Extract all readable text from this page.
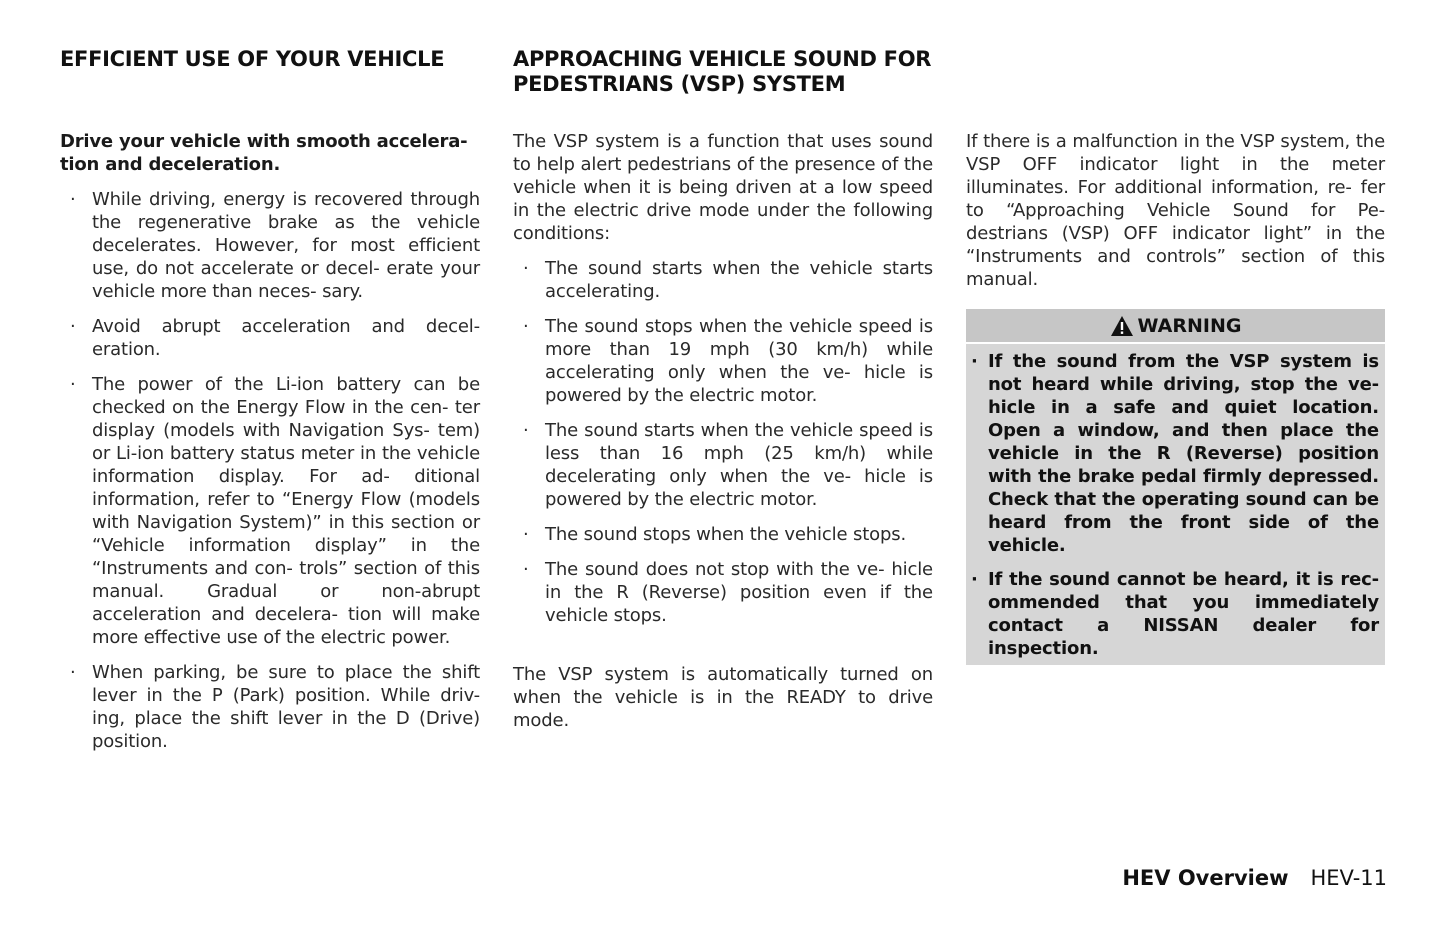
EFFICIENT USE OF YOUR VEHICLE
Drive your vehicle with smooth accelera- tion and deceleration.
· While driving, energy is recovered through the regenerative brake as the vehicle decelerates. However, for most efficient use, do not accelerate or decel- erate your vehicle more than neces- sary.
· Avoid abrupt acceleration and decel- eration.
· The power of the Li-ion battery can be checked on the Energy Flow in the cen- ter display (models with Navigation Sys- tem) or Li-ion battery status meter in the vehicle information display. For ad- ditional information, refer to “Energy Flow (models with Navigation System)” in this section or “Vehicle information display” in the “Instruments and con- trols” section of this manual. Gradual or non-abrupt acceleration and decelera- tion will make more effective use of the electric power.
· When parking, be sure to place the shift lever in the P (Park) position. While driv- ing, place the shift lever in the D (Drive) position.
APPROACHING VEHICLE SOUND FOR PEDESTRIANS (VSP) SYSTEM
The VSP system is a function that uses sound to help alert pedestrians of the presence of the vehicle when it is being driven at a low speed in the electric drive mode under the following conditions:
· The sound starts when the vehicle starts accelerating.
· The sound stops when the vehicle speed is more than 19 mph (30 km/h) while accelerating only when the ve- hicle is powered by the electric motor.
· The sound starts when the vehicle speed is less than 16 mph (25 km/h) while decelerating only when the ve- hicle is powered by the electric motor.
· The sound stops when the vehicle stops.
· The sound does not stop with the ve- hicle in the R (Reverse) position even if the vehicle stops.
The VSP system is automatically turned on when the vehicle is in the READY to drive mode.
If there is a malfunction in the VSP system, the VSP OFF indicator light in the meter illuminates. For additional information, re- fer to “Approaching Vehicle Sound for Pe- destrians (VSP) OFF indicator light” in the “Instruments and controls” section of this manual.
WARNING
· If the sound from the VSP system is not heard while driving, stop the ve- hicle in a safe and quiet location. Open a window, and then place the vehicle in the R (Reverse) position with the brake pedal firmly depressed. Check that the operating sound can be heard from the front side of the vehicle.
· If the sound cannot be heard, it is rec- ommended that you immediately contact a NISSAN dealer for inspection.
HEV Overview HEV-11
